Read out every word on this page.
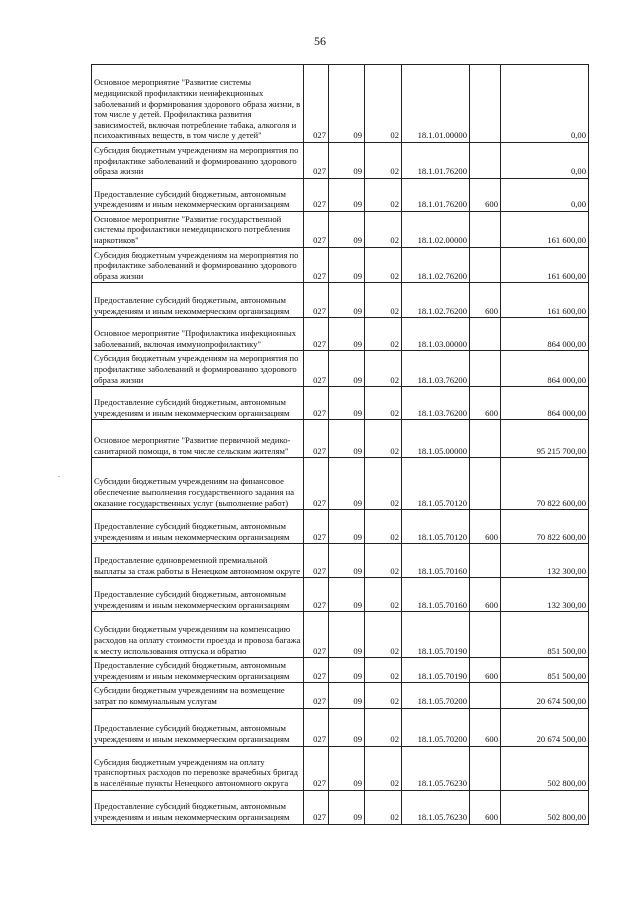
56
.
Основное мероприятие "Развитие системы медицинской профилактики неинфекционных заболеваний и формирования здорового образа жизни, в том числе у детей. Профилактика развития зависимостей, включая потребление табака, алкоголя и психоактивных веществ, в том числе у детей"	027	09	02	18.1.01.00000		0,00
Субсидия бюджетным учреждениям на мероприятия по профилактике заболеваний и формированию здорового образа жизни	027	09	02	18.1.01.76200		0,00
Предоставление субсидий бюджетным, автономным учреждениям и иным некоммерческим организациям	027	09	02	18.1.01.76200	600	0,00
Основное мероприятие "Развитие государственной системы профилактики немедицинского потребления наркотиков"	027	09	02	18.1.02.00000		161 600,00
Субсидия бюджетным учреждениям на мероприятия по профилактике заболеваний и формированию здорового образа жизни	027	09	02	18.1.02.76200		161 600,00
Предоставление субсидий бюджетным, автономным учреждениям и иным некоммерческим организациям	027	09	02	18.1.02.76200	600	161 600,00
Основное мероприятие "Профилактика инфекционных заболеваний, включая иммунопрофилактику"	027	09	02	18.1.03.00000		864 000,00
Субсидия бюджетным учреждениям на мероприятия по профилактике заболеваний и формированию здорового образа жизни	027	09	02	18.1.03.76200		864 000,00
Предоставление субсидий бюджетным, автономным учреждениям и иным некоммерческим организациям	027	09	02	18.1.03.76200	600	864 000,00
Основное мероприятие "Развитие первичной медико-санитарной помощи, в том числе сельским жителям"	027	09	02	18.1.05.00000		95 215 700,00
Субсидии бюджетным учреждениям на финансовое обеспечение выполнения государственного задания на оказание государственных услуг (выполнение работ)	027	09	02	18.1.05.70120		70 822 600,00
Предоставление субсидий бюджетным, автономным учреждениям и иным некоммерческим организациям	027	09	02	18.1.05.70120	600	70 822 600,00
Предоставление единовременной премиальной выплаты за стаж работы в Ненецком автономном округе	027	09	02	18.1.05.70160		132 300,00
Предоставление субсидий бюджетным, автономным учреждениям и иным некоммерческим организациям	027	09	02	18.1.05.70160	600	132 300,00
Субсидии бюджетным учреждениям на компенсацию расходов на оплату стоимости проезда и провоза багажа к месту использования отпуска и обратно	027	09	02	18.1.05.70190		851 500,00
Предоставление субсидий бюджетным, автономным учреждениям и иным некоммерческим организациям	027	09	02	18.1.05.70190	600	851 500,00
Субсидии бюджетным учреждениям на возмещение затрат по коммунальным услугам	027	09	02	18.1.05.70200		20 674 500,00
Предоставление субсидий бюджетным, автономным учреждениям и иным некоммерческим организациям	027	09	02	18.1.05.70200	600	20 674 500,00
Субсидия бюджетным учреждениям на оплату транспортных расходов по перевозке врачебных бригад в населённые пункты Ненецкого автономного округа	027	09	02	18.1.05.76230		502 800,00
Предоставление субсидий бюджетным, автономным учреждениям и иным некоммерческим организациям	027	09	02	18.1.05.76230	600	502 800,00
